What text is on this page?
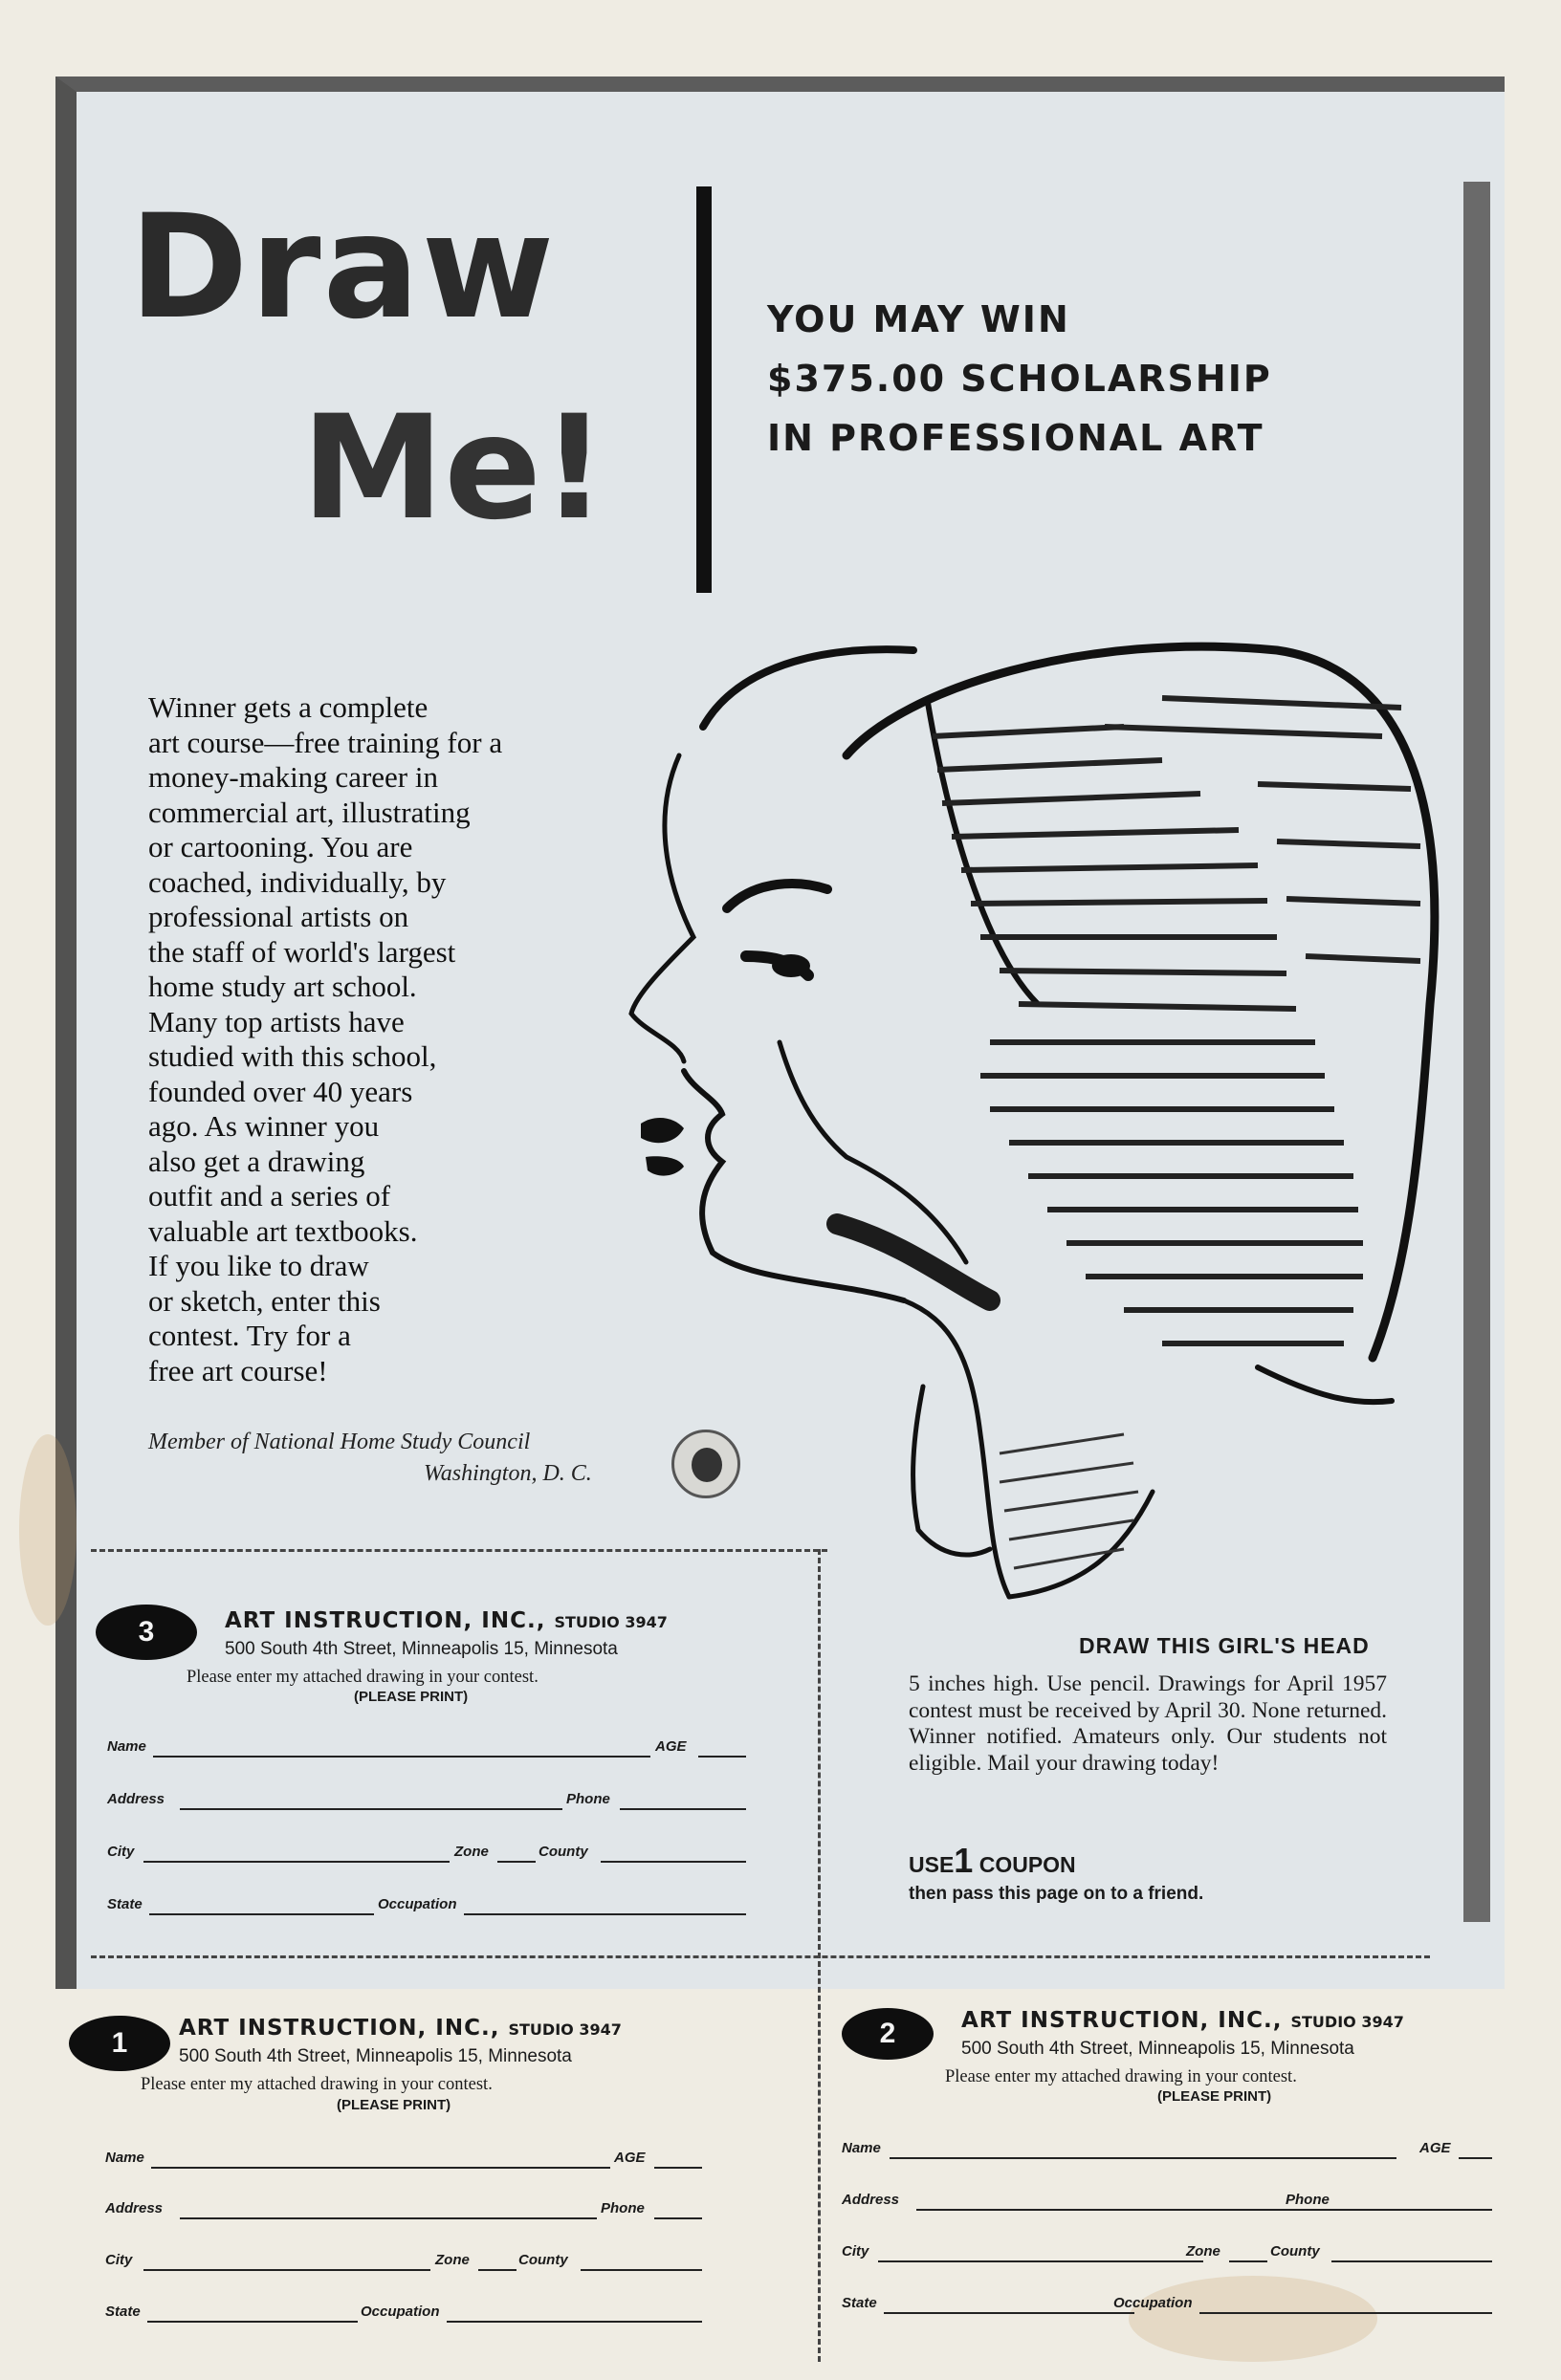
Draw
Me!
YOU MAY WIN
$375.00 SCHOLARSHIP
IN PROFESSIONAL ART
Winner gets a complete
art course—free training for a
money-making career in
commercial art, illustrating
or cartooning. You are
coached, individually, by
professional artists on
the staff of world's largest
home study art school.
Many top artists have
studied with this school,
founded over 40 years
ago. As winner you
also get a drawing
outfit and a series of
valuable art textbooks.
If you like to draw
or sketch, enter this
contest. Try for a
free art course!
Member of National Home Study Council
Washington, D. C.
DRAW THIS GIRL'S HEAD
5 inches high. Use pencil. Drawings for April 1957 contest must be received by April 30. None returned. Winner notified. Amateurs only. Our students not eligible. Mail your drawing today!
USE1 COUPON
then pass this page on to a friend.
3	ART INSTRUCTION, INC., STUDIO 3947
500 South 4th Street, Minneapolis 15, Minnesota
Please enter my attached drawing in your contest.
(PLEASE PRINT)
Name	AGE
Address	Phone
City	Zone	County
State	Occupation
1	ART INSTRUCTION, INC., STUDIO 3947
500 South 4th Street, Minneapolis 15, Minnesota
Please enter my attached drawing in your contest.
(PLEASE PRINT)
Name	AGE
Address	Phone
City	Zone	County
State	Occupation
2	ART INSTRUCTION, INC., STUDIO 3947
500 South 4th Street, Minneapolis 15, Minnesota
Please enter my attached drawing in your contest.
(PLEASE PRINT)
Name	AGE
Address	Phone
City	Zone	County
State	Occupation
